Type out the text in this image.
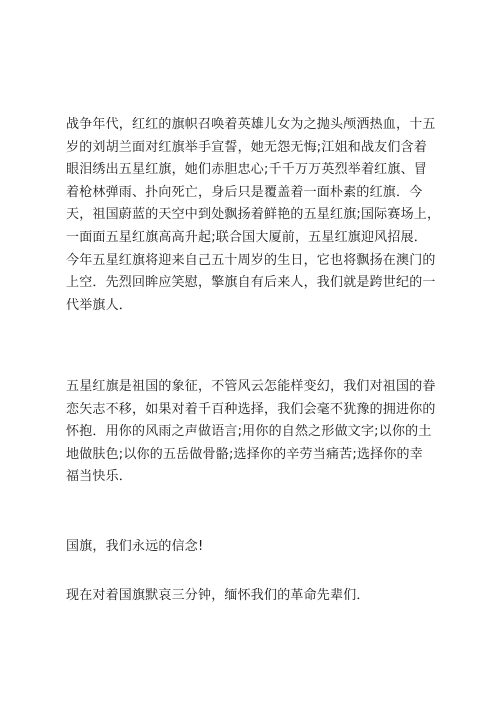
战争年代，红红的旗帜召唤着英雄儿女为之抛头颅洒热血，十五
岁的刘胡兰面对红旗举手宣誓，她无怨无悔;江姐和战友们含着
眼泪绣出五星红旗，她们赤胆忠心;千千万万英烈举着红旗、冒
着枪林弹雨、扑向死亡，身后只是覆盖着一面朴素的红旗．今
天，祖国蔚蓝的天空中到处飘扬着鲜艳的五星红旗;国际赛场上，
一面面五星红旗高高升起;联合国大厦前，五星红旗迎风招展．
今年五星红旗将迎来自己五十周岁的生日，它也将飘扬在澳门的
上空．先烈回眸应笑慰，擎旗自有后来人，我们就是跨世纪的一
代举旗人．
五星红旗是祖国的象征，不管风云怎能样变幻，我们对祖国的眷
恋矢志不移，如果对着千百种选择，我们会毫不犹豫的拥进你的
怀抱．用你的风雨之声做语言;用你的自然之形做文字;以你的土
地做肤色;以你的五岳做骨骼;选择你的辛劳当痛苦;选择你的幸
福当快乐．
国旗，我们永远的信念!
现在对着国旗默哀三分钟，缅怀我们的革命先辈们．
